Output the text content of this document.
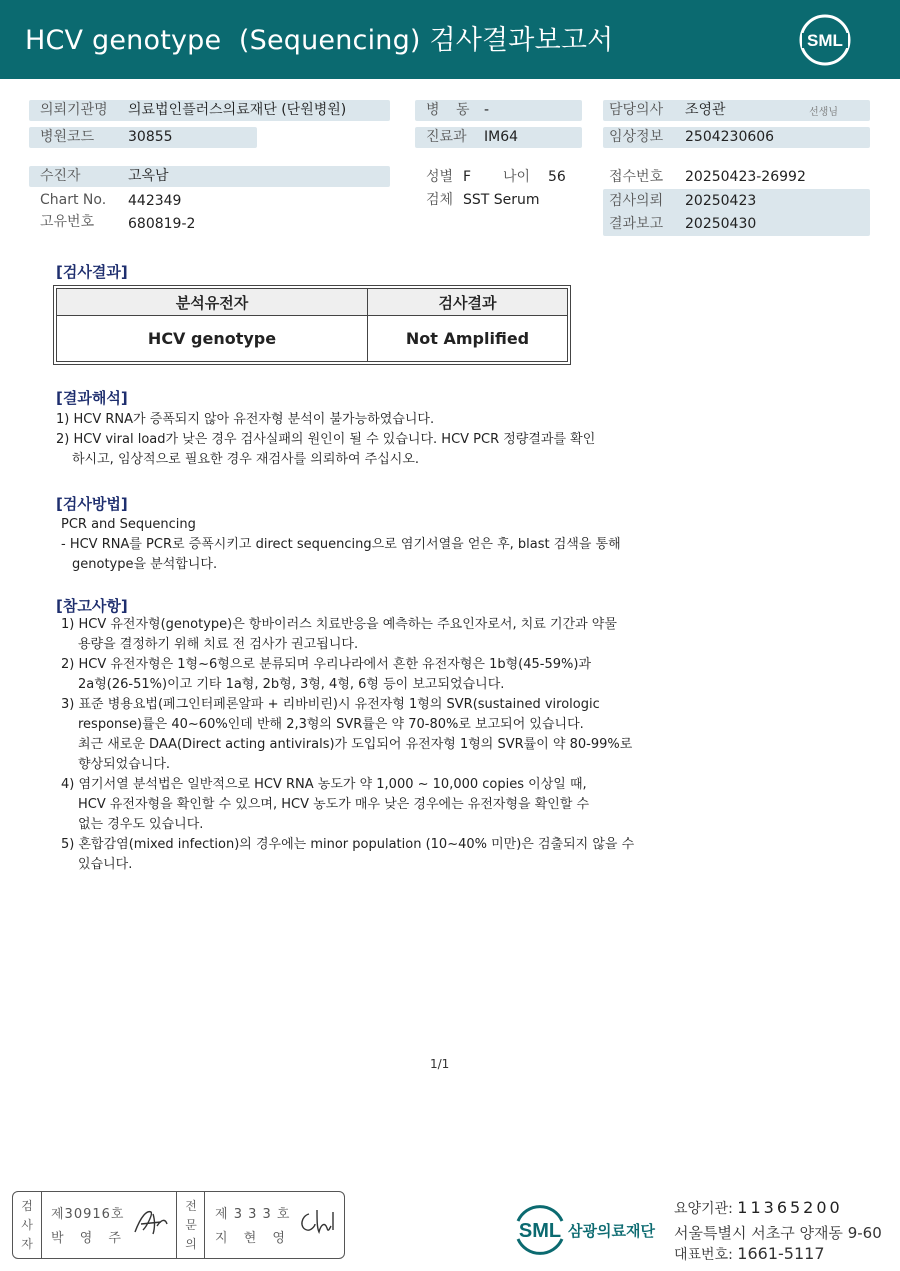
HCV genotype  (Sequencing) 검사결과보고서	SML
의뢰기관명 의료법인플러스의료재단 (단원병원)	병 동 -	담당의사 조영관	선생님
병원코드 30855	진료과 IM64	임상정보 2504230606
수진자	고옥남	성별 F 나이 56	접수번호 20250423-26992
Chart No. 442349	검체 SST Serum	검사의뢰 20250423
고유번호 680819-2	결과보고 20250430
[검사결과]
분석유전자	검사결과
HCV genotype	Not Amplified
[결과해석]
1) HCV RNA가 증폭되지 않아 유전자형 분석이 불가능하였습니다.
2) HCV viral load가 낮은 경우 검사실패의 원인이 될 수 있습니다. HCV PCR 정량결과를 확인
하시고, 임상적으로 필요한 경우 재검사를 의뢰하여 주십시오.
[검사방법]
PCR and Sequencing
- HCV RNA를 PCR로 증폭시키고 direct sequencing으로 염기서열을 얻은 후, blast 검색을 통해
genotype을 분석합니다.
[참고사항]
1) HCV 유전자형(genotype)은 항바이러스 치료반응을 예측하는 주요인자로서, 치료 기간과 약물
용량을 결정하기 위해 치료 전 검사가 권고됩니다.
2) HCV 유전자형은 1형~6형으로 분류되며 우리나라에서 흔한 유전자형은 1b형(45-59%)과
2a형(26-51%)이고 기타 1a형, 2b형, 3형, 4형, 6형 등이 보고되었습니다.
3) 표준 병용요법(페그인터페론알파 + 리바비린)시 유전자형 1형의 SVR(sustained virologic
response)률은 40~60%인데 반해 2,3형의 SVR률은 약 70-80%로 보고되어 있습니다.
최근 새로운 DAA(Direct acting antivirals)가 도입되어 유전자형 1형의 SVR률이 약 80-99%로
향상되었습니다.
4) 염기서열 분석법은 일반적으로 HCV RNA 농도가 약 1,000 ~ 10,000 copies 이상일 때,
HCV 유전자형을 확인할 수 있으며, HCV 농도가 매우 낮은 경우에는 유전자형을 확인할 수
없는 경우도 있습니다.
5) 혼합감염(mixed infection)의 경우에는 minor population (10~40% 미만)은 검출되지 않을 수
있습니다.
1/1
검사자
제30916호
박 영 주
전문의
제 3 3 3 호
지 현 영	SML 삼광의료재단
요양기관: 11365200
서울특별시 서초구 양재동 9-60
대표번호: 1661-5117
